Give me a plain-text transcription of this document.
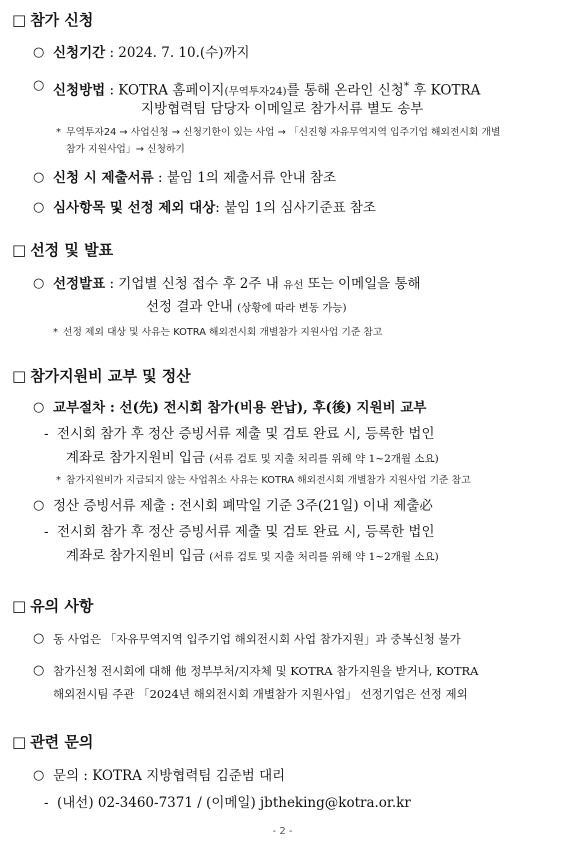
□ 참가 신청
○ 신청기간 : 2024. 7. 10.(수)까지
○ 신청방법 : KOTRA 홈페이지(무역투자24)를 통해 온라인 신청* 후 KOTRA
지방협력팀 담당자 이메일로 참가서류 별도 송부
* 무역투자24 → 사업신청 → 신청기한이 있는 사업 → 「신진형 자유무역지역 입주기업 해외전시회 개별
참가 지원사업」→ 신청하기
○ 신청 시 제출서류 : 붙임 1의 제출서류 안내 참조
○ 심사항목 및 선정 제외 대상: 붙임 1의 심사기준표 참조
□ 선정 및 발표
○ 선정발표 : 기업별 신청 접수 후 2주 내 유선 또는 이메일을 통해
선정 결과 안내 (상황에 따라 변동 가능)
* 선정 제외 대상 및 사유는 KOTRA 해외전시회 개별참가 지원사업 기준 참고
□ 참가지원비 교부 및 정산
○ 교부절차 : 선(先) 전시회 참가(비용 완납), 후(後) 지원비 교부
- 전시회 참가 후 정산 증빙서류 제출 및 검토 완료 시, 등록한 법인
계좌로 참가지원비 입금 (서류 검토 및 지출 처리를 위해 약 1~2개월 소요)
* 참가지원비가 지급되지 않는 사업취소 사유는 KOTRA 해외전시회 개별참가 지원사업 기준 참고
○ 정산 증빙서류 제출 : 전시회 폐막일 기준 3주(21일) 이내 제출必
- 전시회 참가 후 정산 증빙서류 제출 및 검토 완료 시, 등록한 법인
계좌로 참가지원비 입금 (서류 검토 및 지출 처리를 위해 약 1~2개월 소요)
□ 유의 사항
○ 동 사업은 「자유무역지역 입주기업 해외전시회 사업 참가지원」과 중복신청 불가
○ 참가신청 전시회에 대해 他 정부부처/지자체 및 KOTRA 참가지원을 받거나, KOTRA
해외전시팀 주관 「2024년 해외전시회 개별참가 지원사업」 선정기업은 선정 제외
□ 관련 문의
○ 문의 : KOTRA 지방협력팀 김준범 대리
- (내선) 02-3460-7371 / (이메일) jbtheking@kotra.or.kr
- 2 -
